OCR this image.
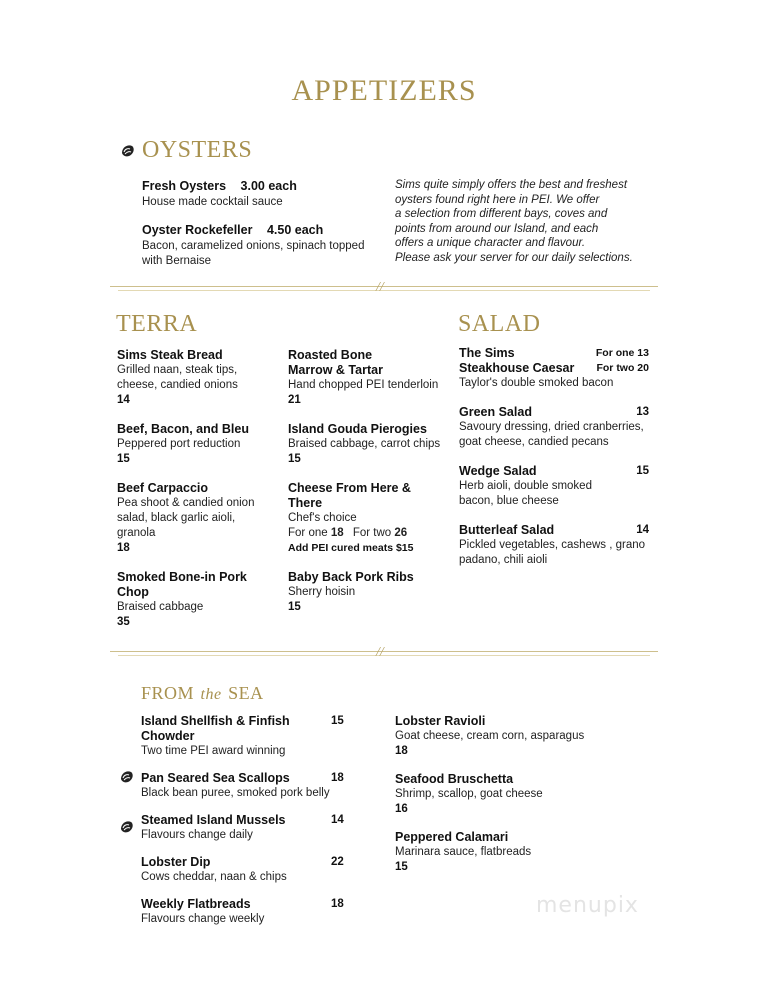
APPETIZERS
OYSTERS
Fresh Oysters 3.00 each
House made cocktail sauce
Oyster Rockefeller 4.50 each
Bacon, caramelized onions, spinach topped
with Bernaise
Sims quite simply offers the best and freshest
oysters found right here in PEI. We offer
a selection from different bays, coves and
points from around our Island, and each
offers a unique character and flavour.
Please ask your server for our daily selections.
//
TERRA
Sims Steak Bread
Grilled naan, steak tips,
cheese, candied onions
14
Beef, Bacon, and Bleu
Peppered port reduction
15
Beef Carpaccio
Pea shoot & candied onion
salad, black garlic aioli,
granola
18
Smoked Bone-in Pork Chop
Braised cabbage
35
Roasted Bone
Marrow & Tartar
Hand chopped PEI tenderloin
21
Island Gouda Pierogies
Braised cabbage, carrot chips
15
Cheese From Here & There
Chef's choice
For one 18 For two 26
Add PEI cured meats $15
Baby Back Pork Ribs
Sherry hoisin
15
SALAD
The Sims
Steakhouse Caesar
For one 13
For two 20
Taylor's double smoked bacon
Green Salad	13
Savoury dressing, dried cranberries,
goat cheese, candied pecans
Wedge Salad	15
Herb aioli, double smoked
bacon, blue cheese
Butterleaf Salad	14
Pickled vegetables, cashews , grano
padano, chili aioli
//
FROM the SEA
Island Shellfish & Finfish Chowder
15
Two time PEI award winning
Pan Seared Sea Scallops	18
Black bean puree, smoked pork belly
Steamed Island Mussels	14
Flavours change daily
Lobster Dip	22
Cows cheddar, naan & chips
Weekly Flatbreads	18
Flavours change weekly
Lobster Ravioli
Goat cheese, cream corn, asparagus
18
Seafood Bruschetta
Shrimp, scallop, goat cheese
16
Peppered Calamari
Marinara sauce, flatbreads
15
menupix
